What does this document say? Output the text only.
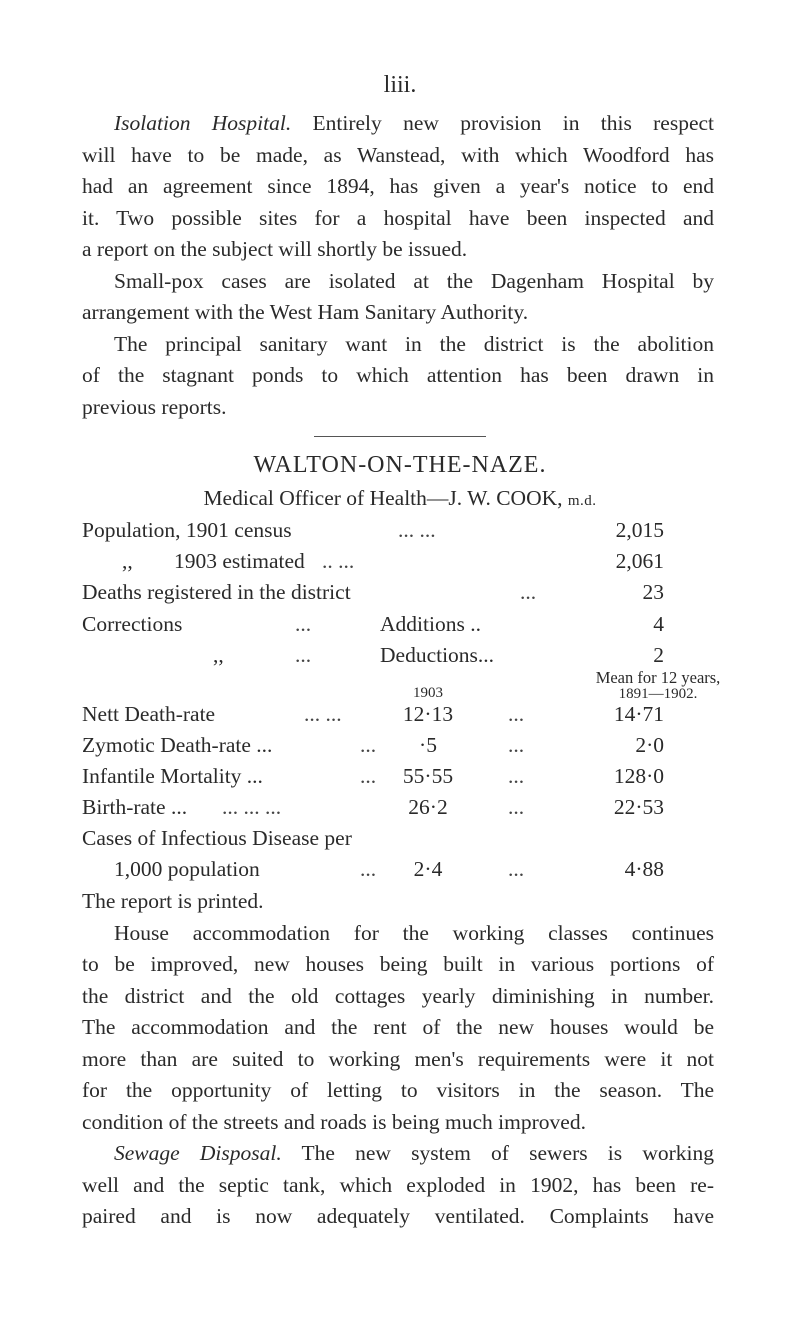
liii.
Isolation Hospital. Entirely new provision in this respect
will have to be made, as Wanstead, with which Woodford has
had an agreement since 1894, has given a year's notice to end
it. Two possible sites for a hospital have been inspected and
a report on the subject will shortly be issued.
Small-pox cases are isolated at the Dagenham Hospital by
arrangement with the West Ham Sanitary Authority.
The principal sanitary want in the district is the abolition
of the stagnant ponds to which attention has been drawn in
previous reports.
WALTON-ON-THE-NAZE.
Medical Officer of Health—J. W. COOK, m.d.
Population, 1901 census	... ...	2,015
,, 1903 estimated .. ...	2,061
Deaths registered in the district	...	23
Corrections	...	Additions ..	4
,,	...	Deductions...	2
1903
Mean for 12 years,
1891—1902.
Nett Death-rate	... ...	12·13	...	14·71
Zymotic Death-rate ...	...	·5	...	2·0
Infantile Mortality ...	...	55·55	...	128·0
Birth-rate ... ... ... ...	26·2	...	22·53
Cases of Infectious Disease per
1,000 population	...	2·4	...	4·88
The report is printed.
House accommodation for the working classes continues
to be improved, new houses being built in various portions of
the district and the old cottages yearly diminishing in number.
The accommodation and the rent of the new houses would be
more than are suited to working men's requirements were it not
for the opportunity of letting to visitors in the season. The
condition of the streets and roads is being much improved.
Sewage Disposal. The new system of sewers is working
well and the septic tank, which exploded in 1902, has been re-
paired and is now adequately ventilated. Complaints have
